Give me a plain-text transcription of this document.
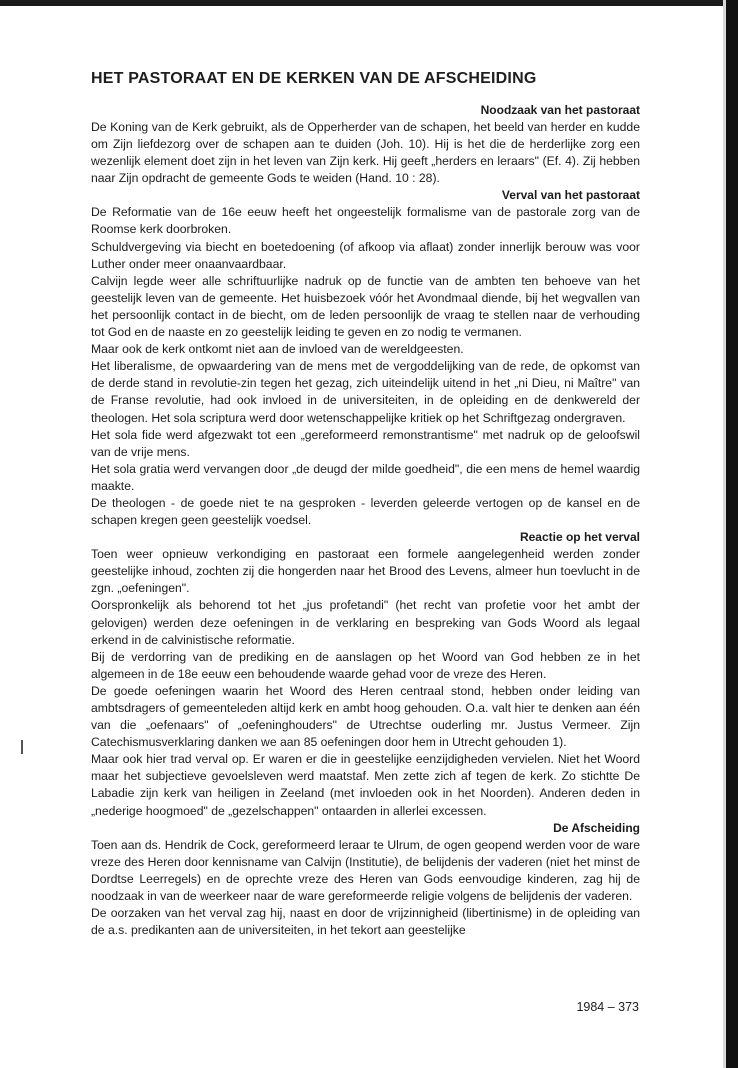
HET PASTORAAT EN DE KERKEN VAN DE AFSCHEIDING

Noodzaak van het pastoraat

De Koning van de Kerk gebruikt, als de Opperherder van de schapen, het beeld van herder en kudde om Zijn liefdezorg over de schapen aan te duiden (Joh. 10). Hij is het die de herderlijke zorg een wezenlijk element doet zijn in het leven van Zijn kerk. Hij geeft „herders en leraars" (Ef. 4). Zij hebben naar Zijn opdracht de gemeente Gods te weiden (Hand. 10 : 28).

Verval van het pastoraat

De Reformatie van de 16e eeuw heeft het ongeestelijk formalisme van de pastorale zorg van de Roomse kerk doorbroken.

Schuldvergeving via biecht en boetedoening (of afkoop via aflaat) zonder innerlijk berouw was voor Luther onder meer onaanvaardbaar.

Calvijn legde weer alle schriftuurlijke nadruk op de functie van de ambten ten behoeve van het geestelijk leven van de gemeente. Het huisbezoek vóór het Avondmaal diende, bij het wegvallen van het persoonlijk contact in de biecht, om de leden persoonlijk de vraag te stellen naar de verhouding tot God en de naaste en zo geestelijk leiding te geven en zo nodig te vermanen.

Maar ook de kerk ontkomt niet aan de invloed van de wereldgeesten.

Het liberalisme, de opwaardering van de mens met de vergoddelijking van de rede, de opkomst van de derde stand in revolutie-zin tegen het gezag, zich uiteindelijk uitend in het „ni Dieu, ni Maître" van de Franse revolutie, had ook invloed in de universiteiten, in de opleiding en de denkwereld der theologen. Het sola scriptura werd door wetenschappelijke kritiek op het Schriftgezag ondergraven.

Het sola fide werd afgezwakt tot een „gereformeerd remonstrantisme" met nadruk op de geloofswil van de vrije mens.

Het sola gratia werd vervangen door „de deugd der milde goedheid", die een mens de hemel waardig maakte.

De theologen - de goede niet te na gesproken - leverden geleerde vertogen op de kansel en de schapen kregen geen geestelijk voedsel.

Reactie op het verval

Toen weer opnieuw verkondiging en pastoraat een formele aangelegenheid werden zonder geestelijke inhoud, zochten zij die hongerden naar het Brood des Levens, almeer hun toevlucht in de zgn. „oefeningen".

Oorspronkelijk als behorend tot het „jus profetandi" (het recht van profetie voor het ambt der gelovigen) werden deze oefeningen in de verklaring en bespreking van Gods Woord als legaal erkend in de calvinistische reformatie.

Bij de verdorring van de prediking en de aanslagen op het Woord van God hebben ze in het algemeen in de 18e eeuw een behoudende waarde gehad voor de vreze des Heren.

De goede oefeningen waarin het Woord des Heren centraal stond, hebben onder leiding van ambtsdragers of gemeenteleden altijd kerk en ambt hoog gehouden. O.a. valt hier te denken aan één van die „oefenaars" of „oefeninghouders" de Utrechtse ouderling mr. Justus Vermeer. Zijn Catechismusverklaring danken we aan 85 oefeningen door hem in Utrecht gehouden 1).

Maar ook hier trad verval op. Er waren er die in geestelijke eenzijdigheden vervielen. Niet het Woord maar het subjectieve gevoelsleven werd maatstaf. Men zette zich af tegen de kerk. Zo stichtte De Labadie zijn kerk van heiligen in Zeeland (met invloeden ook in het Noorden). Anderen deden in „nederige hoogmoed" de „gezelschappen" ontaarden in allerlei excessen.

De Afscheiding

Toen aan ds. Hendrik de Cock, gereformeerd leraar te Ulrum, de ogen geopend werden voor de ware vreze des Heren door kennisname van Calvijn (Institutie), de belijdenis der vaderen (niet het minst de Dordtse Leerregels) en de oprechte vreze des Heren van Gods eenvoudige kinderen, zag hij de noodzaak in van de weerkeer naar de ware gereformeerde religie volgens de belijdenis der vaderen.

De oorzaken van het verval zag hij, naast en door de vrijzinnigheid (libertinisme) in de opleiding van de a.s. predikanten aan de universiteiten, in het tekort aan geestelijke

1984 – 373
